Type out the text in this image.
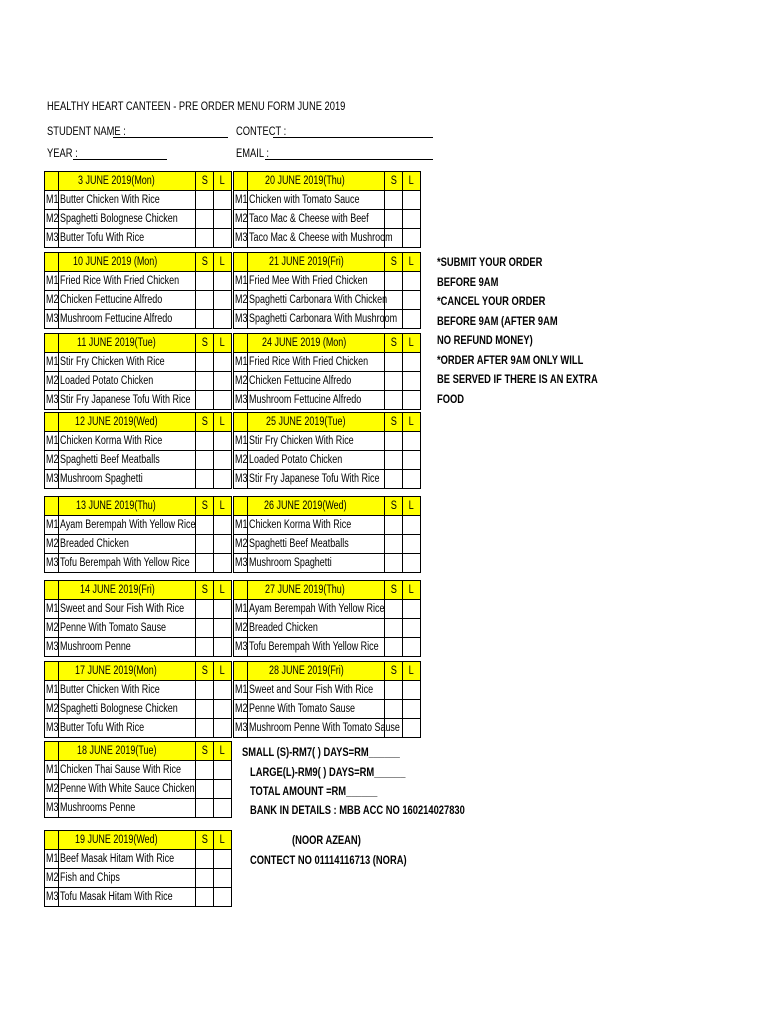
HEALTHY HEART CANTEEN - PRE ORDER MENU FORM JUNE 2019
STUDENT NAME :	CONTECT :
YEAR :	EMAIL :
	3 JUNE 2019(Mon)	S	L
M1	Butter Chicken With Rice		
M2	Spaghetti Bolognese Chicken		
M3	Butter Tofu With Rice		
	10 JUNE 2019 (Mon)	S	L
M1	Fried Rice With Fried Chicken		
M2	Chicken Fettucine Alfredo		
M3	Mushroom Fettucine Alfredo		
	11 JUNE 2019(Tue)	S	L
M1	Stir Fry Chicken With Rice		
M2	Loaded Potato Chicken		
M3	Stir Fry Japanese Tofu With Rice		
	12 JUNE 2019(Wed)	S	L
M1	Chicken Korma With Rice		
M2	Spaghetti Beef Meatballs		
M3	Mushroom Spaghetti		
	13 JUNE 2019(Thu)	S	L
M1	Ayam Berempah With Yellow Rice		
M2	Breaded Chicken		
M3	Tofu Berempah With Yellow Rice		
	14 JUNE 2019(Fri)	S	L
M1	Sweet and Sour Fish With Rice		
M2	Penne With Tomato Sause		
M3	Mushroom Penne		
	17 JUNE 2019(Mon)	S	L
M1	Butter Chicken With Rice		
M2	Spaghetti Bolognese Chicken		
M3	Butter Tofu With Rice		
	18 JUNE 2019(Tue)	S	L
M1	Chicken Thai Sause With Rice		
M2	Penne With White Sauce Chicken		
M3	Mushrooms Penne		
	19 JUNE 2019(Wed)	S	L
M1	Beef Masak Hitam With Rice		
M2	Fish and Chips		
M3	Tofu Masak Hitam With Rice		
	20 JUNE 2019(Thu)	S	L
M1	Chicken with Tomato Sauce		
M2	Taco Mac & Cheese with Beef		
M3	Taco Mac & Cheese with Mushroom		
	21 JUNE 2019(Fri)	S	L
M1	Fried Mee With Fried Chicken		
M2	Spaghetti Carbonara With Chicken		
M3	Spaghetti Carbonara With Mushroom		
	24 JUNE 2019 (Mon)	S	L
M1	Fried Rice With Fried Chicken		
M2	Chicken Fettucine Alfredo		
M3	Mushroom Fettucine Alfredo		
	25 JUNE 2019(Tue)	S	L
M1	Stir Fry Chicken With Rice		
M2	Loaded Potato Chicken		
M3	Stir Fry Japanese Tofu With Rice		
	26 JUNE 2019(Wed)	S	L
M1	Chicken Korma With Rice		
M2	Spaghetti Beef Meatballs		
M3	Mushroom Spaghetti		
	27 JUNE 2019(Thu)	S	L
M1	Ayam Berempah With Yellow Rice		
M2	Breaded Chicken		
M3	Tofu Berempah With Yellow Rice		
	28 JUNE 2019(Fri)	S	L
M1	Sweet and Sour Fish With Rice		
M2	Penne With Tomato Sause		
M3	Mushroom Penne With Tomato Sause		
*SUBMIT YOUR ORDER
BEFORE 9AM
*CANCEL YOUR ORDER
BEFORE 9AM (AFTER 9AM
NO REFUND MONEY)
*ORDER AFTER 9AM ONLY WILL
BE SERVED IF THERE IS AN EXTRA
FOOD
SMALL (S)-RM7( ) DAYS=RM______
LARGE(L)-RM9( ) DAYS=RM______
TOTAL AMOUNT =RM______
BANK IN DETAILS : MBB ACC NO 160214027830
(NOOR AZEAN)
CONTECT NO 01114116713 (NORA)
